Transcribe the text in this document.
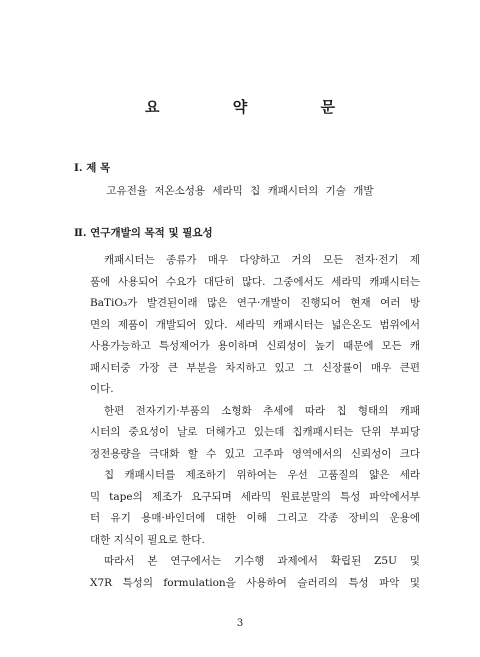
요 약 문
Ⅰ. 제 목
고유전율 저온소성용 세라믹 칩 캐패시터의 기술 개발
Ⅱ. 연구개발의 목적 및 필요성

캐패시터는 종류가 매우 다양하고 거의 모든 전자·전기 제

품에 사용되어 수요가 대단히 많다. 그중에서도 세라믹 캐패시터는

BaTiO₃가 발견된이래 많은 연구·개발이 진행되어 현재 여러 방

면의 제품이 개발되어 있다. 세라믹 캐패시터는 넓은온도 범위에서

사용가능하고 특성제어가 용이하며 신뢰성이 높기 때문에 모든 캐

패시터중 가장 큰 부분을 차지하고 있고 그 신장률이 매우 큰편

이다.

한편 전자기기·부품의 소형화 추세에 따라 칩 형태의 캐패

시터의 중요성이 날로 더해가고 있는데 칩캐패시터는 단위 부피당

정전용량을 극대화 할 수 있고 고주파 영역에서의 신뢰성이 크다

칩 캐패시터를 제조하기 위하여는 우선 고품질의 얇은 세라

믹 tape의 제조가 요구되며 세라믹 원료분말의 특성 파악에서부

터 유기 용매·바인더에 대한 이해 그리고 각종 장비의 운용에

대한 지식이 필요로 한다.

따라서 본 연구에서는 기수행 과제에서 확립된 Z5U 및

X7R 특성의 formulation을 사용하여 슬러리의 특성 파악 및

3
